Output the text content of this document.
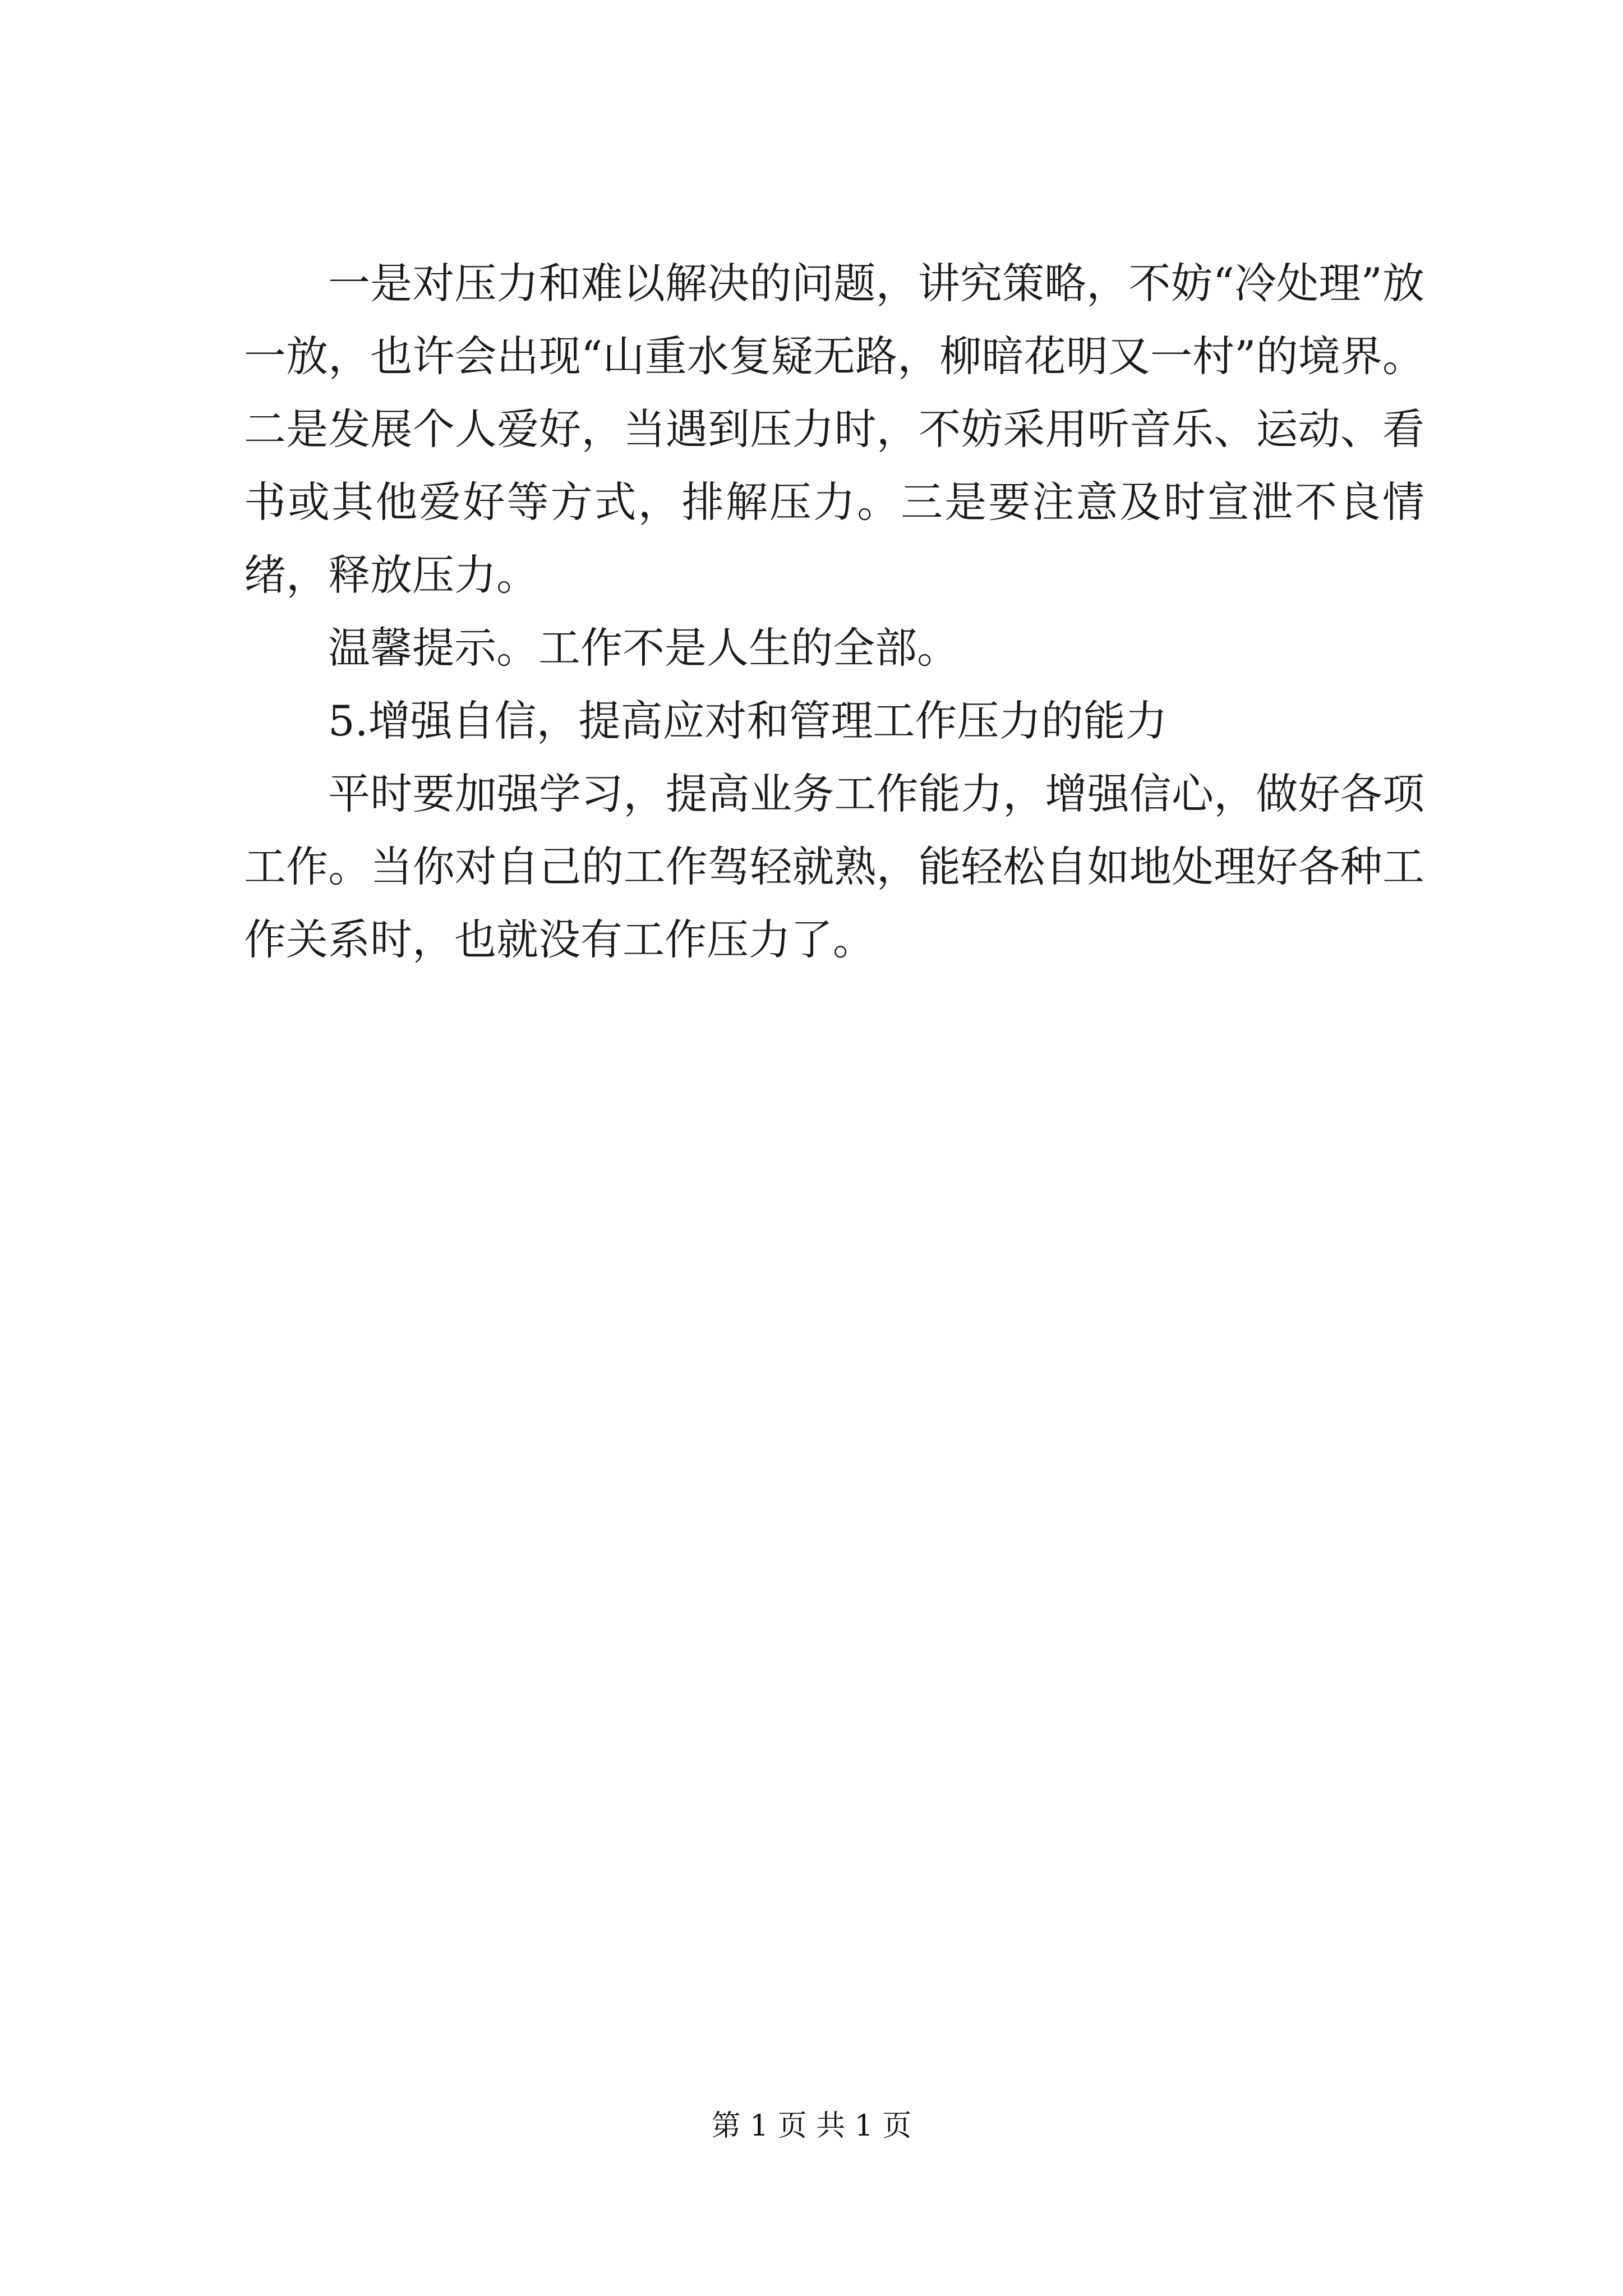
一是对压力和难以解决的问题，讲究策略，不妨“冷处理”放一放，也许会出现“山重水复疑无路，柳暗花明又一村”的境界。二是发展个人爱好，当遇到压力时，不妨采用听音乐、运动、看书或其他爱好等方式，排解压力。三是要注意及时宣泄不良情绪，释放压力。

温馨提示。工作不是人生的全部。

5.增强自信，提高应对和管理工作压力的能力

平时要加强学习，提高业务工作能力，增强信心，做好各项工作。当你对自己的工作驾轻就熟，能轻松自如地处理好各种工作关系时，也就没有工作压力了。

第 1 页 共 1 页
